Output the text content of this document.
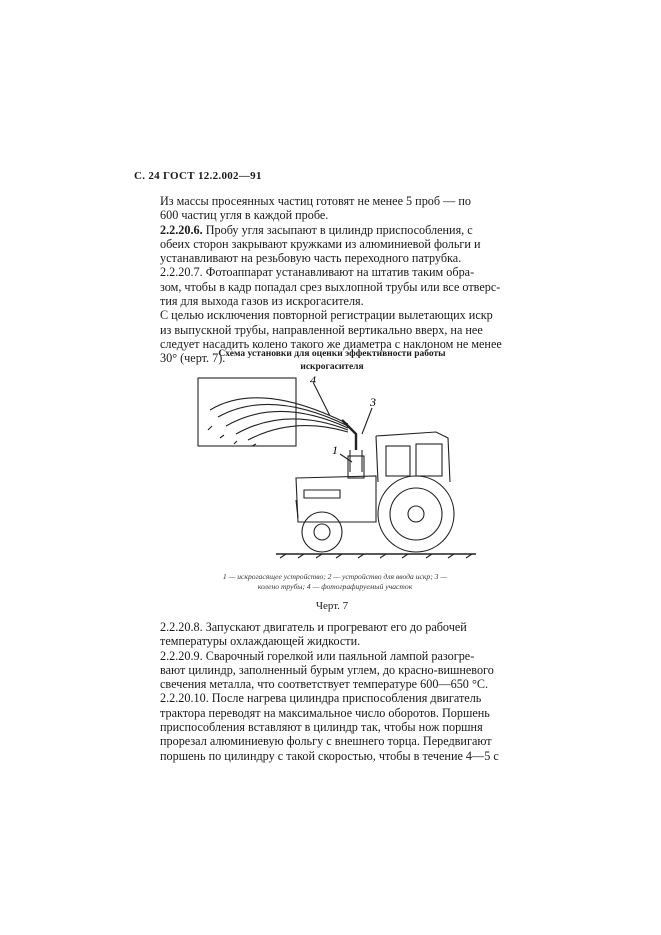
С. 24 ГОСТ 12.2.002—91

Из массы просеянных частиц готовят не менее 5 проб — по
600 частиц угля в каждой пробе.

2.2.20.6. Пробу угля засыпают в цилиндр приспособления, с
обеих сторон закрывают кружками из алюминиевой фольги и
устанавливают на резьбовую часть переходного патрубка.

2.2.20.7. Фотоаппарат устанавливают на штатив таким обра-
зом, чтобы в кадр попадал срез выхлопной трубы или все отверс-
тия для выхода газов из искрогасителя.

С целью исключения повторной регистрации вылетающих искр
из выпускной трубы, направленной вертикально вверх, на нее
следует насадить колено такого же диаметра с наклоном не менее
30° (черт. 7).

Схема установки для оценки эффективности работы
искрогасителя
4
3
1
1 — искрогасящее устройство; 2 — устройство для ввода искр; 3 —
колено трубы; 4 — фотографируемый участок
Черт. 7

2.2.20.8. Запускают двигатель и прогревают его до рабочей
температуры охлаждающей жидкости.

2.2.20.9. Сварочный горелкой или паяльной лампой разогре-
вают цилиндр, заполненный бурым углем, до красно-вишневого
свечения металла, что соответствует температуре 600—650 °С.

2.2.20.10. После нагрева цилиндра приспособления двигатель
трактора переводят на максимальное число оборотов. Поршень
приспособления вставляют в цилиндр так, чтобы нож поршня
прорезал алюминиевую фольгу с внешнего торца. Передвигают
поршень по цилиндру с такой скоростью, чтобы в течение 4—5 с
